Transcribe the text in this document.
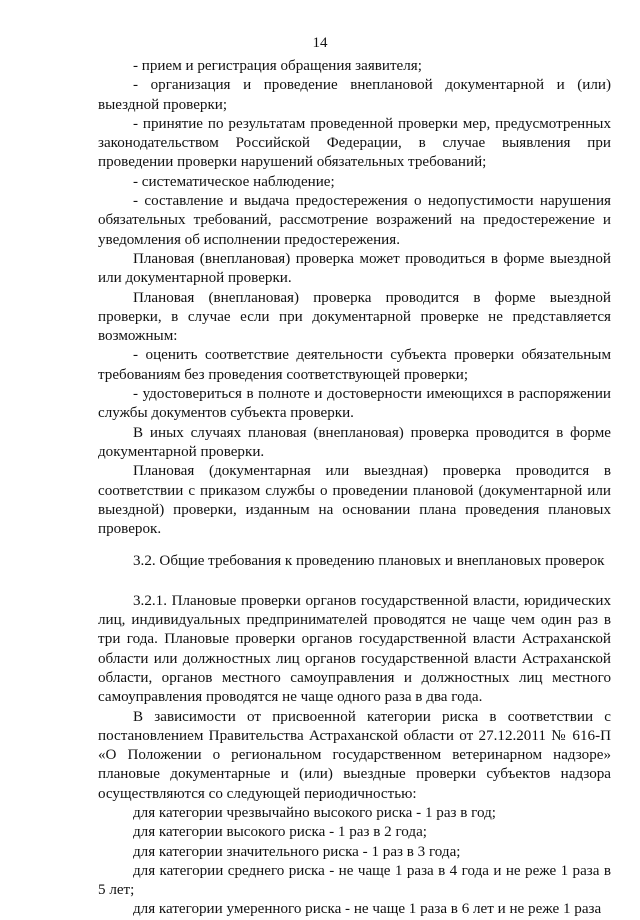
14

- прием и регистрация обращения заявителя;

- организация и проведение внеплановой документарной и (или) выездной проверки;

- принятие по результатам проведенной проверки мер, предусмотренных законодательством Российской Федерации, в случае выявления при проведении проверки нарушений обязательных требований;

- систематическое наблюдение;

- составление и выдача предостережения о недопустимости нарушения обязательных требований, рассмотрение возражений на предостережение и уведомления об исполнении предостережения.

Плановая (внеплановая) проверка может проводиться в форме выездной или документарной проверки.

Плановая (внеплановая) проверка проводится в форме выездной проверки, в случае если при документарной проверке не представляется возможным:

- оценить соответствие деятельности субъекта проверки обязательным требованиям без проведения соответствующей проверки;

- удостовериться в полноте и достоверности имеющихся в распоряжении службы документов субъекта проверки.

В иных случаях плановая (внеплановая) проверка проводится в форме документарной проверки.

Плановая (документарная или выездная) проверка проводится в соответствии с приказом службы о проведении плановой (документарной или выездной) проверки, изданным на основании плана проведения плановых проверок.

3.2. Общие требования к проведению плановых и внеплановых проверок

3.2.1. Плановые проверки органов государственной власти, юридических лиц, индивидуальных предпринимателей проводятся не чаще чем один раз в три года. Плановые проверки органов государственной власти Астраханской области или должностных лиц органов государственной власти Астраханской области, органов местного самоуправления и должностных лиц местного самоуправления проводятся не чаще одного раза в два года.

В зависимости от присвоенной категории риска в соответствии с постановлением Правительства Астраханской области от 27.12.2011 № 616-П «О Положении о региональном государственном ветеринарном надзоре» плановые документарные и (или) выездные проверки субъектов надзора осуществляются со следующей периодичностью:

для категории чрезвычайно высокого риска - 1 раз в год;

для категории высокого риска - 1 раз в 2 года;

для категории значительного риска - 1 раз в 3 года;

для категории среднего риска - не чаще 1 раза в 4 года и не реже 1 раза в 5 лет;

для категории умеренного риска - не чаще 1 раза в 6 лет и не реже 1 раза
